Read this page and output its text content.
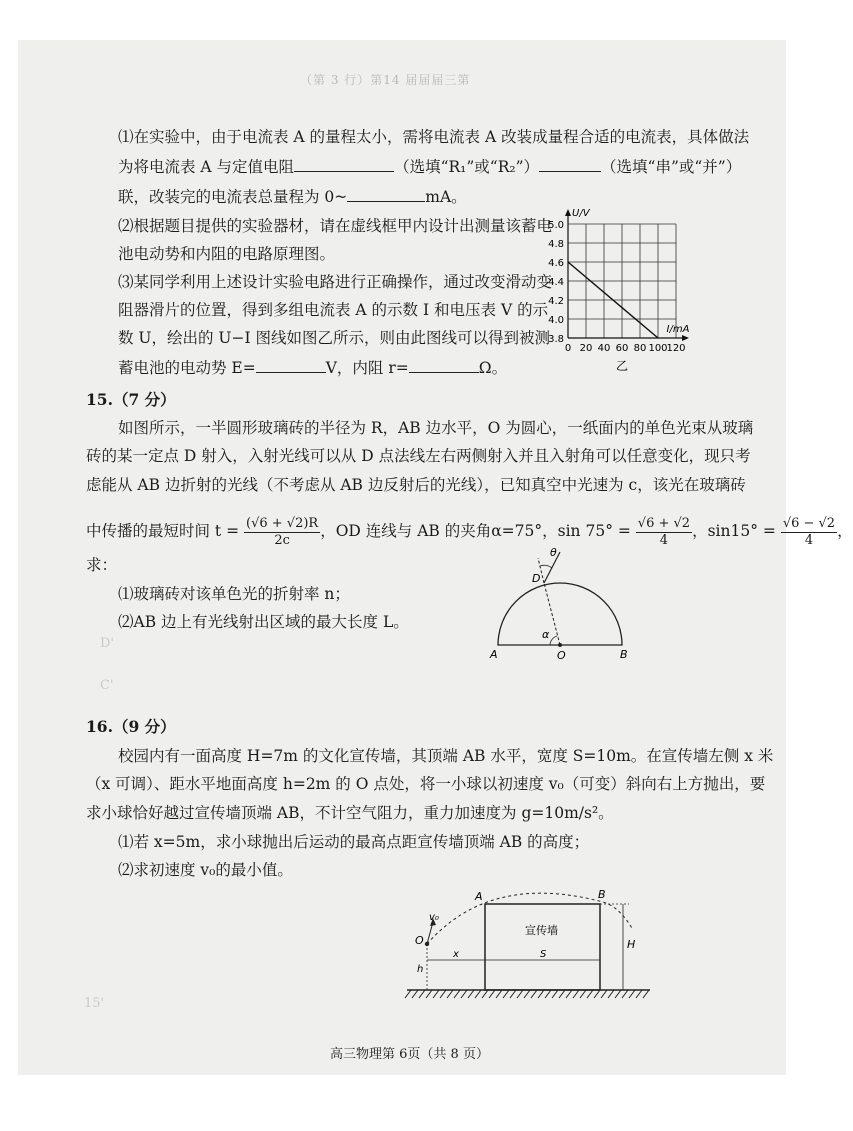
（第 3 行）第14 届届届三第
⑴在实验中，由于电流表 A 的量程太小，需将电流表 A 改装成量程合适的电流表，具体做法
为将电流表 A 与定值电阻	（选填“R₁”或“R₂”）	（选填“串”或“并”）
联，改装完的电流表总量程为 0~	mA。
⑵根据题目提供的实验器材，请在虚线框甲内设计出测量该蓄电
池电动势和内阻的电路原理图。
⑶某同学利用上述设计实验电路进行正确操作，通过改变滑动变
阻器滑片的位置，得到多组电流表 A 的示数 I 和电压表 V 的示
数 U，绘出的 U−I 图线如图乙所示，则由此图线可以得到被测
蓄电池的电动势 E=	V，内阻 r=	Ω。
3.8
4.0
4.2
4.4
4.6
4.8
5.0
0 20 40 60 80 100
120
U/V
I/mA
乙
15.（7 分）
如图所示，一半圆形玻璃砖的半径为 R，AB 边水平，O 为圆心，一纸面内的单色光束从玻璃
砖的某一定点 D 射入，入射光线可以从 D 点法线左右两侧射入并且入射角可以任意变化，现只考
虑能从 AB 边折射的光线（不考虑从 AB 边反射后的光线），已知真空中光速为 c，该光在玻璃砖
中传播的最短时间 $t = \frac{(√6 + √2)R}{2c}$ ，OD 连线与 AB 的夹角α=75°，$\sin 75^\circ = \frac{√6 + √2}{4}$ ，$\sin 15^\circ = \frac{√6 - √2}{4}$ ，
求：
⑴玻璃砖对该单色光的折射率 n；
⑵AB 边上有光线射出区域的最大长度 L。
θ
D
α
A	O	B
D'
C'
15'
16.（9 分）
校园内有一面高度 H=7m 的文化宣传墙，其顶端 AB 水平，宽度 S=10m。在宣传墙左侧 x 米
（x 可调）、距水平地面高度 h=2m 的 O 点处，将一小球以初速度 v₀（可变）斜向右上方抛出，要
求小球恰好越过宣传墙顶端 AB，不计空气阻力，重力加速度为 g=10m/s²。
⑴若 x=5m，求小球抛出后运动的最高点距宣传墙顶端 AB 的高度；
⑵求初速度 v₀的最小值。
A	B
宣传墙
v₀
O
x	S
H
h
高三物理第 6页（共 8 页）
